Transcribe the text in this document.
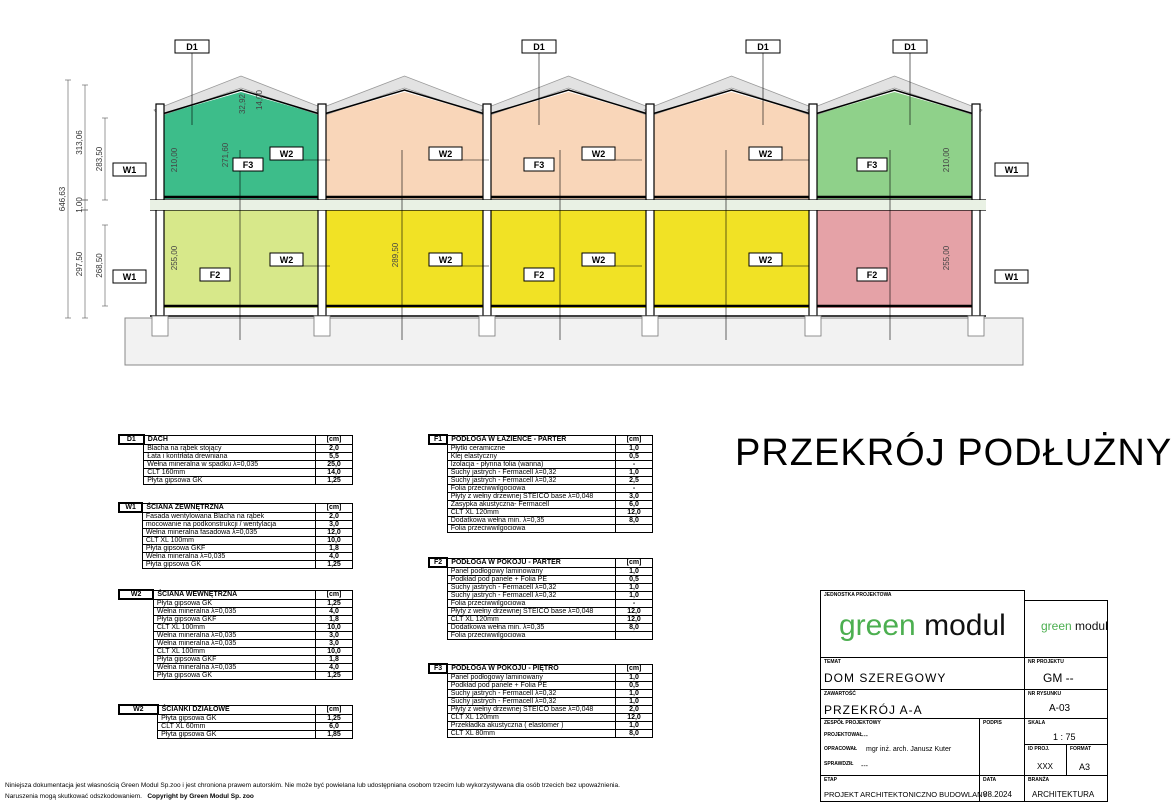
646,63
313,06
283,50
1,00
297,50 268,50
210,00	271,60
32,92 14,00
255,00	289,50
210,00
255,00
D1	D1	D1	D1
W1
W1
W1
W1
W2
W2
W2
W2
W2
W2
W2
W2
F3	F3	F3
F2	F2	F2
D1	DACH	[cm]
	Blacha na rąbek stojący	2,0
	Łata i kontrłata drewniana	5,5
	Wełna mineralna w spadku λ=0,035	25,0
	CLT 160mm	14,0
	Płyta gipsowa GK	1,25
W1	ŚCIANA ZEWNĘTRZNA	[cm]
	Fasada wentylowana Blacha na rąbek	2,0
	mocowanie na podkonstrukcji / wentylacja	3,0
	Wełna mineralna fasadowa λ=0,035	12,0
	CLT XL 100mm	10,0
	Płyta gipsowa GKF	1,8
	Wełna mineralna λ=0,035	4,0
	Płyta gipsowa GK	1,25
W2	ŚCIANA WEWNĘTRZNA	[cm]
	Płyta gipsowa GK	1,25
	Wełna mineralna λ=0,035	4,0
	Płyta gipsowa GKF	1,8
	CLT XL 100mm	10,0
	Wełna mineralna λ=0,035	3,0
	Wełna mineralna λ=0,035	3,0
	CLT XL 100mm	10,0
	Płyta gipsowa GKF	1,8
	Wełna mineralna λ=0,035	4,0
	Płyta gipsowa GK	1,25
W2	ŚCIANKI DZIAŁOWE	[cm]
	Płyta gipsowa GK	1,25
	CLT XL 60mm	6,0
	Płyta gipsowa GK	1,85
F1	PODŁOGA W ŁAZIENCE - PARTER	[cm]
	Płytki ceramiczne	1,0
	Klej elastyczny	0,5
	Izolacja - płynna folia (wanna)	-
	Suchy jastrych - Fermacell λ=0,32	1,0
	Suchy jastrych - Fermacell λ=0,32	2,5
	Folia przeciwwilgociowa	-
	Płyty z wełny drzewnej STEICO base λ=0,048	3,0
	Zasypka akustyczna- Fermacell	6,0
	CLT XL 120mm	12,0
	Dodatkowa wełna min. λ=0,35	8,0
	Folia przeciwwilgociowa	
F2	PODŁOGA W POKOJU - PARTER	[cm]
	Panel podłogowy laminowany	1,0
	Podkład pod panele + Folia PE	0,5
	Suchy jastrych - Fermacell λ=0,32	1,0
	Suchy jastrych - Fermacell λ=0,32	1,0
	Folia przeciwwilgociowa	-
	Płyty z wełny drzewnej STEICO base λ=0,048	12,0
	CLT XL 120mm	12,0
	Dodatkowa wełna min. λ=0,35	8,0
	Folia przeciwwilgociowa	
F3	PODŁOGA W POKOJU - PIĘTRO	[cm]
	Panel podłogowy laminowany	1,0
	Podkład pod panele + Folia PE	0,5
	Suchy jastrych - Fermacell λ=0,32	1,0
	Suchy jastrych - Fermacell λ=0,32	1,0
	Płyty z wełny drzewnej STEICO base λ=0,048	2,0
	CLT XL 120mm	12,0
	Przekładka akustyczna ( elastomer )	1,0
	CLT XL 80mm	8,0
PRZEKRÓJ PODŁUŻNY
JEDNOSTKA PROJEKTOWA
green modul	green modul
TEMAT
DOM SZEREGOWY
NR PROJEKTU
GM --
ZAWARTOŚĆ
PRZEKRÓJ A-A
NR RYSUNKU
A-03
ZESPÓŁ PROJEKTOWY
PROJEKTOWAŁ
---
OPRACOWAŁ mgr inż. arch. Janusz Kuter
SPRAWDZIŁ ---
PODPIS	SKALA
1 : 75
ID PROJ.
XXX
FORMAT
A3
ETAP
PROJEKT ARCHITEKTONICZNO BUDOWLANY
DATA
08.2024
BRANŻA
ARCHITEKTURA
Niniejsza dokumentacja jest własnością Green Modul Sp.zoo i jest chroniona prawem autorskim. Nie może być powielana lub udostępniana osobom trzecim lub wykorzystywana dla osób trzecich bez upoważnienia.
Naruszenia mogą skutkować odszkodowaniem. Copyright by Green Modul Sp. zoo
